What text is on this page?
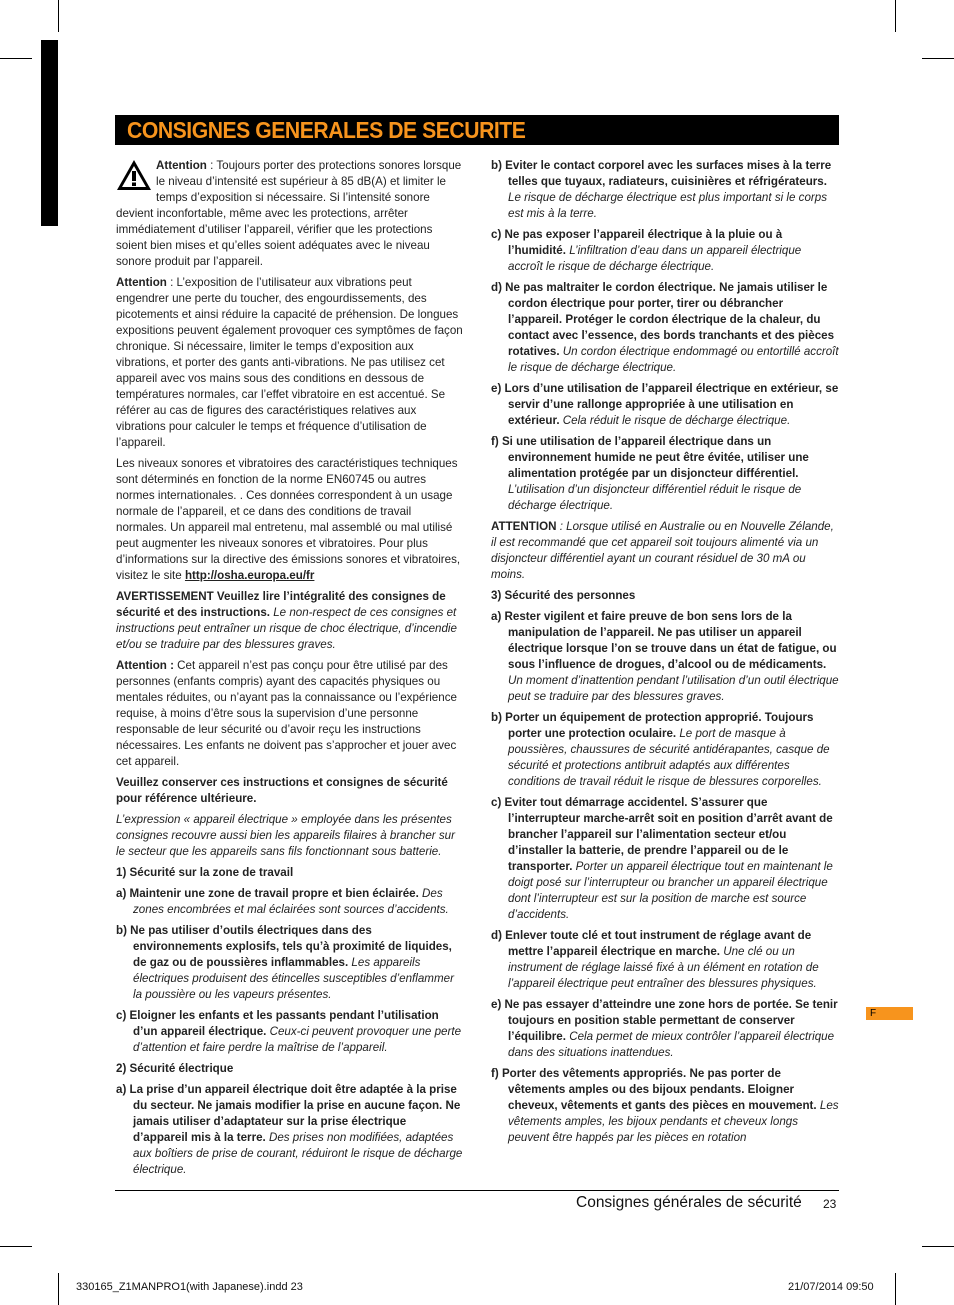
CONSIGNES GENERALES DE SECURITE
Attention : Toujours porter des protections sonores lorsque le niveau d’intensité est supérieur à 85 dB(A) et limiter le temps d’exposition si nécessaire. Si l’intensité sonore devient inconfortable, même avec les protections, arrêter immédiatement d’utiliser l’appareil, vérifier que les protections soient bien mises et qu’elles soient adéquates avec le niveau sonore produit par l’appareil.
Attention : L’exposition de l’utilisateur aux vibrations peut engendrer une perte du toucher, des engourdissements, des picotements et ainsi réduire la capacité de préhension. De longues expositions peuvent également provoquer ces symptômes de façon chronique. Si nécessaire, limiter le temps d’exposition aux vibrations, et porter des gants anti-vibrations. Ne pas utilisez cet appareil avec vos mains sous des conditions en dessous de températures normales, car l’effet vibratoire en est accentué. Se référer au cas de figures des caractéristiques relatives aux vibrations pour calculer le temps et fréquence d’utilisation de l’appareil.
Les niveaux sonores et vibratoires des caractéristiques techniques sont déterminés en fonction de la norme EN60745 ou autres normes internationales. . Ces données correspondent à un usage normale de l’appareil, et ce dans des conditions de travail normales. Un appareil mal entretenu, mal assemblé ou mal utilisé peut augmenter les niveaux sonores et vibratoires. Pour plus d’informations sur la directive des émissions sonores et vibratoires, visitez le site http://osha.europa.eu/fr
AVERTISSEMENT Veuillez lire l’intégralité des consignes de sécurité et des instructions. Le non-respect de ces consignes et instructions peut entraîner un risque de choc électrique, d’incendie et/ou se traduire par des blessures graves.
Attention : Cet appareil n’est pas conçu pour être utilisé par des personnes (enfants compris) ayant des capacités physiques ou mentales réduites, ou n’ayant pas la connaissance ou l’expérience requise, à moins d’être sous la supervision d’une personne responsable de leur sécurité ou d’avoir reçu les instructions nécessaires. Les enfants ne doivent pas s’approcher et jouer avec cet appareil.
Veuillez conserver ces instructions et consignes de sécurité pour référence ultérieure.
L’expression « appareil électrique » employée dans les présentes consignes recouvre aussi bien les appareils filaires à brancher sur le secteur que les appareils sans fils fonctionnant sous batterie.
1) Sécurité sur la zone de travail
a) Maintenir une zone de travail propre et bien éclairée. Des zones encombrées et mal éclairées sont sources d’accidents.
b) Ne pas utiliser d’outils électriques dans des environnements explosifs, tels qu’à proximité de liquides, de gaz ou de poussières inflammables. Les appareils électriques produisent des étincelles susceptibles d’enflammer la poussière ou les vapeurs présentes.
c) Eloigner les enfants et les passants pendant l’utilisation d’un appareil électrique. Ceux-ci peuvent provoquer une perte d’attention et faire perdre la maîtrise de l’appareil.
2) Sécurité électrique
a) La prise d’un appareil électrique doit être adaptée à la prise du secteur. Ne jamais modifier la prise en aucune façon. Ne jamais utiliser d’adaptateur sur la prise électrique d’appareil mis à la terre. Des prises non modifiées, adaptées aux boîtiers de prise de courant, réduiront le risque de décharge électrique.
b) Eviter le contact corporel avec les surfaces mises à la terre telles que tuyaux, radiateurs, cuisinières et réfrigérateurs. Le risque de décharge électrique est plus important si le corps est mis à la terre.
c) Ne pas exposer l’appareil électrique à la pluie ou à l’humidité. L’infiltration d’eau dans un appareil électrique accroît le risque de décharge électrique.
d) Ne pas maltraiter le cordon électrique. Ne jamais utiliser le cordon électrique pour porter, tirer ou débrancher l’appareil. Protéger le cordon électrique de la chaleur, du contact avec l’essence, des bords tranchants et des pièces rotatives. Un cordon électrique endommagé ou entortillé accroît le risque de décharge électrique.
e) Lors d’une utilisation de l’appareil électrique en extérieur, se servir d’une rallonge appropriée à une utilisation en extérieur. Cela réduit le risque de décharge électrique.
f) Si une utilisation de l’appareil électrique dans un environnement humide ne peut être évitée, utiliser une alimentation protégée par un disjoncteur différentiel. L’utilisation d’un disjoncteur différentiel réduit le risque de décharge électrique.
ATTENTION : Lorsque utilisé en Australie ou en Nouvelle Zélande, il est recommandé que cet appareil soit toujours alimenté via un disjoncteur différentiel ayant un courant résiduel de 30 mA ou moins.
3) Sécurité des personnes
a) Rester vigilent et faire preuve de bon sens lors de la manipulation de l’appareil. Ne pas utiliser un appareil électrique lorsque l’on se trouve dans un état de fatigue, ou sous l’influence de drogues, d’alcool ou de médicaments. Un moment d’inattention pendant l’utilisation d’un outil électrique peut se traduire par des blessures graves.
b) Porter un équipement de protection approprié. Toujours porter une protection oculaire. Le port de masque à poussières, chaussures de sécurité antidérapantes, casque de sécurité et protections antibruit adaptés aux différentes conditions de travail réduit le risque de blessures corporelles.
c) Eviter tout démarrage accidentel. S’assurer que l’interrupteur marche-arrêt soit en position d’arrêt avant de brancher l’appareil sur l’alimentation secteur et/ou d’installer la batterie, de prendre l’appareil ou de le transporter. Porter un appareil électrique tout en maintenant le doigt posé sur l’interrupteur ou brancher un appareil électrique dont l’interrupteur est sur la position de marche est source d’accidents.
d) Enlever toute clé et tout instrument de réglage avant de mettre l’appareil électrique en marche. Une clé ou un instrument de réglage laissé fixé à un élément en rotation de l’appareil électrique peut entraîner des blessures physiques.
e) Ne pas essayer d’atteindre une zone hors de portée. Se tenir toujours en position stable permettant de conserver l’équilibre. Cela permet de mieux contrôler l’appareil électrique dans des situations inattendues.
f) Porter des vêtements appropriés. Ne pas porter de vêtements amples ou des bijoux pendants. Eloigner cheveux, vêtements et gants des pièces en mouvement. Les vêtements amples, les bijoux pendants et cheveux longs peuvent être happés par les pièces en rotation
F
Consignes générales de sécurité 23
330165_Z1MANPRO1(with Japanese).indd 23	21/07/2014 09:50
